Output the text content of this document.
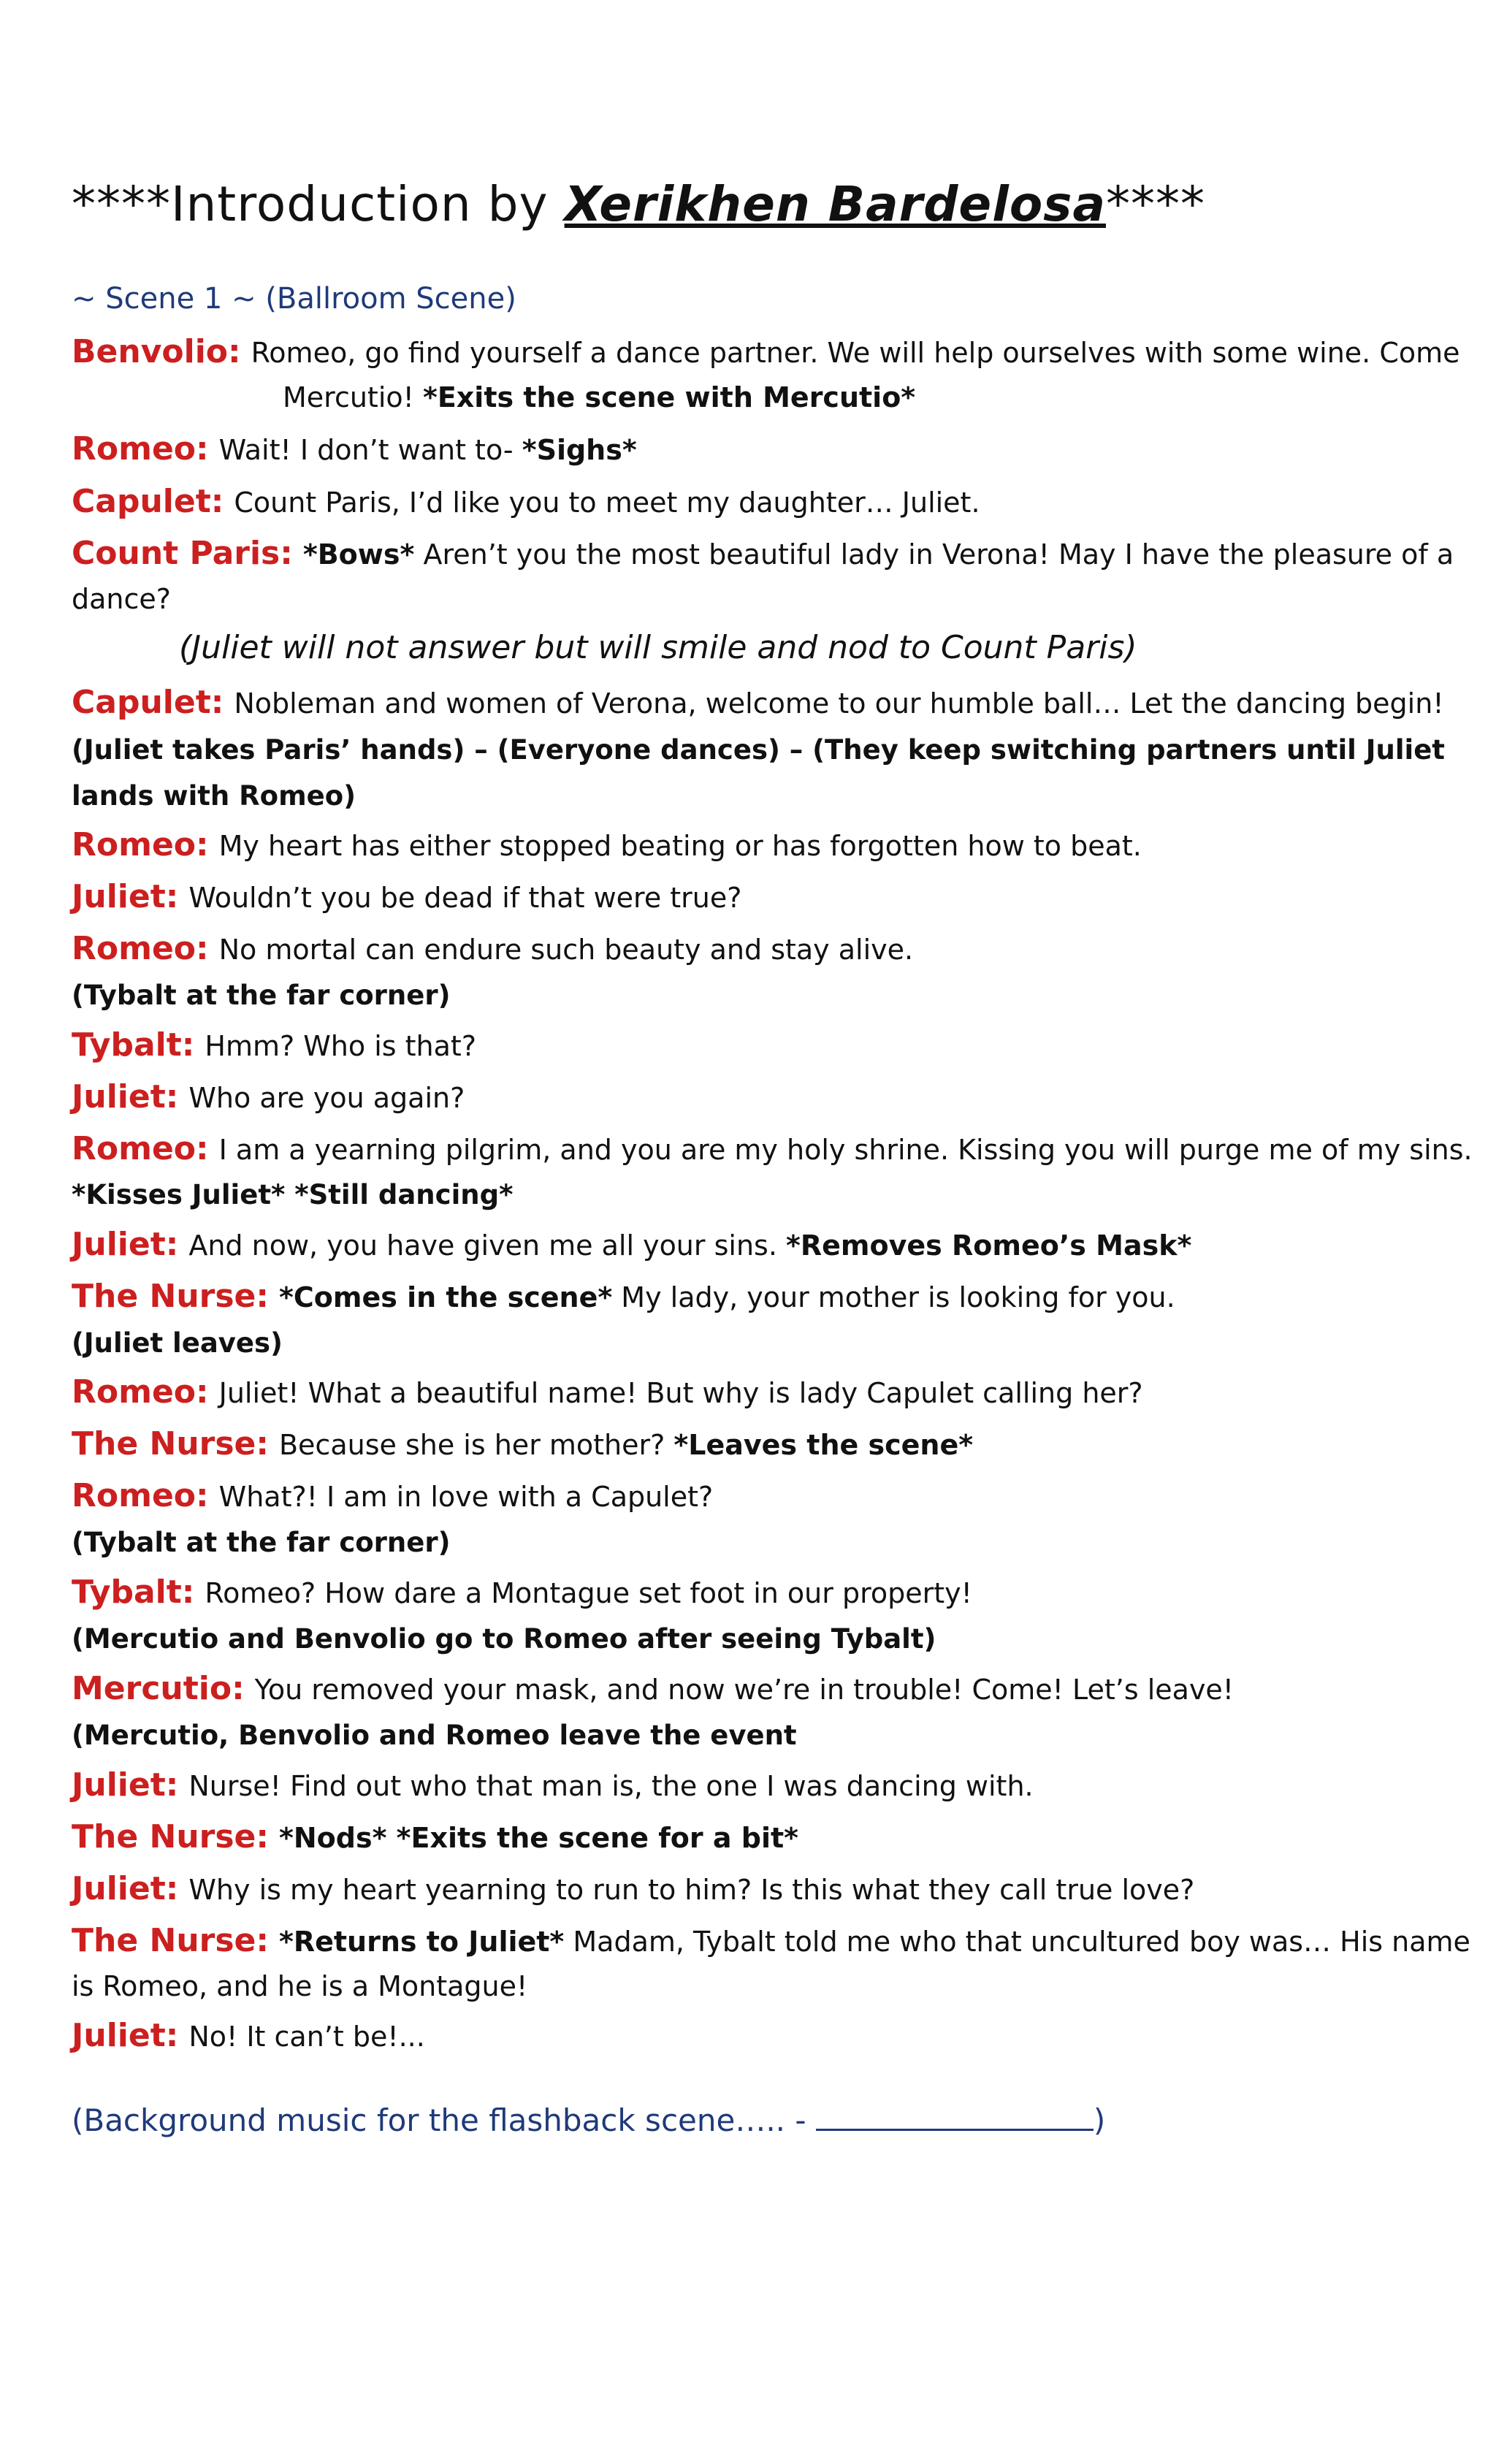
****Introduction by Xerikhen Bardelosa****
~ Scene 1 ~ (Ballroom Scene)
Benvolio: Romeo, go find yourself a dance partner. We will help ourselves with some wine. Come
Mercutio! *Exits the scene with Mercutio*
Romeo: Wait! I don’t want to- *Sighs*
Capulet: Count Paris, I’d like you to meet my daughter… Juliet.
Count Paris: *Bows* Aren’t you the most beautiful lady in Verona! May I have the pleasure of a
dance?
(Juliet will not answer but will smile and nod to Count Paris)
Capulet: Nobleman and women of Verona, welcome to our humble ball… Let the dancing begin!
(Juliet takes Paris’ hands) – (Everyone dances) – (They keep switching partners until Juliet
lands with Romeo)
Romeo: My heart has either stopped beating or has forgotten how to beat.
Juliet: Wouldn’t you be dead if that were true?
Romeo: No mortal can endure such beauty and stay alive.
(Tybalt at the far corner)
Tybalt: Hmm? Who is that?
Juliet: Who are you again?
Romeo: I am a yearning pilgrim, and you are my holy shrine. Kissing you will purge me of my sins.
*Kisses Juliet* *Still dancing*
Juliet: And now, you have given me all your sins. *Removes Romeo’s Mask*
The Nurse: *Comes in the scene* My lady, your mother is looking for you.
(Juliet leaves)
Romeo: Juliet! What a beautiful name! But why is lady Capulet calling her?
The Nurse: Because she is her mother? *Leaves the scene*
Romeo: What?! I am in love with a Capulet?
(Tybalt at the far corner)
Tybalt: Romeo? How dare a Montague set foot in our property!
(Mercutio and Benvolio go to Romeo after seeing Tybalt)
Mercutio: You removed your mask, and now we’re in trouble! Come! Let’s leave!
(Mercutio, Benvolio and Romeo leave the event
Juliet: Nurse! Find out who that man is, the one I was dancing with.
The Nurse: *Nods* *Exits the scene for a bit*
Juliet: Why is my heart yearning to run to him? Is this what they call true love?
The Nurse: *Returns to Juliet* Madam, Tybalt told me who that uncultured boy was… His name
is Romeo, and he is a Montague!
Juliet: No! It can’t be!...
(Background music for the flashback scene….. -	)
